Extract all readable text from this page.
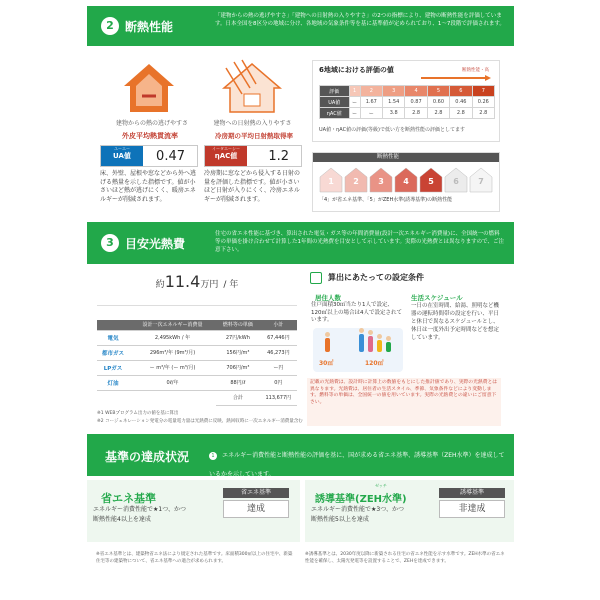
2 断熱性能
「建物からの熱の逃げやすさ」「建物への日射熱の入りやすさ」の2つの指標により、建物の断熱性能を評価しています。日本全国を8区分の地域に分け、各地域の気象条件等を基に基準値が定められており、1〜7段階で評価されます。
建物からの熱の逃げやすさ
外皮平均熱貫流率
ユーエー
UA値	0.47
床、外壁、屋根や窓などから外へ逃げる熱量を示した指標です。値が小さいほど熱が逃げにくく、暖房エネルギーが削減されます。
建物への日射熱の入りやすさ
冷房期の平均日射熱取得率
イータエーシー
ηAC値	1.2
冷房期に窓などから侵入する日射の量を評価した指標です。値が小さいほど日射が入りにくく、冷房エネルギーが削減されます。
6地域における評価の値	断熱性能・高
評価	1	2	3	4	5	6	7
UA値	ー	1.67	1.54	0.87	0.60	0.46	0.26
ηAC値	ー	ー	3.8	2.8	2.8	2.8	2.8
UA値・ηAC値の評価(等級)で低い方を断熱性能の評価としてます
断熱性能
1	2	3	4	5	6	7
「4」が省エネ基準、「5」がZEH水準(誘導基準)の断熱性能
3 目安光熱費
住宅の省エネ性能に基づき、算出された電気・ガス等の年間消費量(設計一次エネルギー消費量)に、全国統一の燃料等の単価を掛け合わせて計算した1年間の光熱費を目安として示しています。実際の光熱費とは異なりますので、ご注意下さい。
約11.4万円 / 年
	設計一次エネルギー消費量	燃料等の単価	小計
電気	2,495kWh / 年	27円/kWh	67,446円
都市ガス	296m³/年 (9m³/月)	156円/m³	46,273円
LPガス	ー m³/年 (ー m³/月)	706円/m³	ー円
灯油	0ℓ/年	88円/ℓ	0円
		合計	113,677円
※1 WEBプログラム出力の値を基に算出
※2 コージェネレーション発電分の電量電力量は光熱費に反映、熱回収時に一次エネルギー消費量含む
算出にあたっての設定条件
居住人数
住戸面積30㎡当たり1人で設定、120㎡以上の場合は4人で設定されています。
30㎡	120㎡
生活スケジュール
一日の在室時間、給湯、照明など機器の運転時間帯の設定を行い、平日と休日で異なるスケジュールとし、休日は一度外出予定時間などを想定しています。
記載の光熱費は、設計時に計算上の数値をもとにした推計値であり、実際の光熱費とは異なります。光熱費は、居住者の生活スタイル、季節、気象条件などにより変動します。燃料等の単価は、全国統一の値を用いています。実際の光熱費との違いにご留意下さい。
基準の達成状況	1 エネルギー消費性能と断熱性能の評価を基に、国が求める省エネ基準、誘導基準（ZEH水準）を達成しているかを示しています。
省エネ基準
エネルギー消費性能で★1つ、かつ
断熱性能4以上を達成
省エネ基準
達成
ゼッチ
誘導基準(ZEH水準)
エネルギー消費性能で★3つ、かつ
断熱性能5以上を達成
誘導基準
非達成
※省エネ基準とは、建築物省エネ法により規定された基準です。床面積300㎡以上の住宅や、新築住宅等の建築物について、省エネ基準への適合が求められます。
※誘導基準とは、2030年度以降に新築される住宅の省エネ性能を示す水準です。ZEH水準の省エネ性能を確保し、太陽光発電等を設置することで、ZEHを達成できます。
